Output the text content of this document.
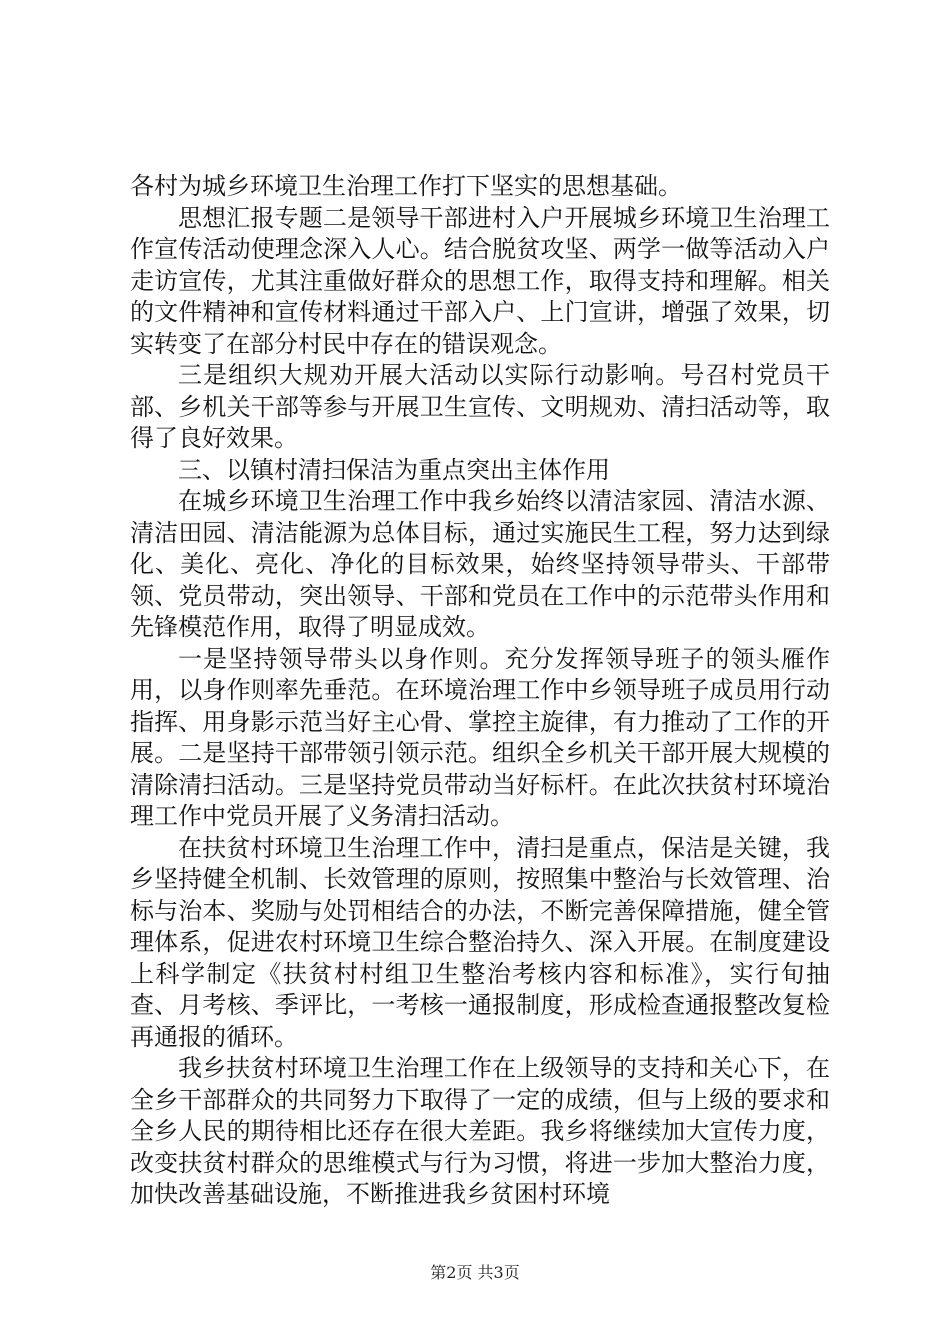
各村为城乡环境卫生治理工作打下坚实的思想基础。

思想汇报专题二是领导干部进村入户开展城乡环境卫生治理工作宣传活动使理念深入人心。结合脱贫攻坚、两学一做等活动入户走访宣传，尤其注重做好群众的思想工作，取得支持和理解。相关的文件精神和宣传材料通过干部入户、上门宣讲，增强了效果，切实转变了在部分村民中存在的错误观念。

三是组织大规劝开展大活动以实际行动影响。号召村党员干部、乡机关干部等参与开展卫生宣传、文明规劝、清扫活动等，取得了良好效果。

三、以镇村清扫保洁为重点突出主体作用

在城乡环境卫生治理工作中我乡始终以清洁家园、清洁水源、清洁田园、清洁能源为总体目标，通过实施民生工程，努力达到绿化、美化、亮化、净化的目标效果，始终坚持领导带头、干部带领、党员带动，突出领导、干部和党员在工作中的示范带头作用和先锋模范作用，取得了明显成效。

一是坚持领导带头以身作则。充分发挥领导班子的领头雁作用，以身作则率先垂范。在环境治理工作中乡领导班子成员用行动指挥、用身影示范当好主心骨、掌控主旋律，有力推动了工作的开展。二是坚持干部带领引领示范。组织全乡机关干部开展大规模的清除清扫活动。三是坚持党员带动当好标杆。在此次扶贫村环境治理工作中党员开展了义务清扫活动。

在扶贫村环境卫生治理工作中，清扫是重点，保洁是关键，我乡坚持健全机制、长效管理的原则，按照集中整治与长效管理、治标与治本、奖励与处罚相结合的办法，不断完善保障措施，健全管理体系，促进农村环境卫生综合整治持久、深入开展。在制度建设上科学制定《扶贫村村组卫生整治考核内容和标准》，实行旬抽查、月考核、季评比，一考核一通报制度，形成检查通报整改复检再通报的循环。

我乡扶贫村环境卫生治理工作在上级领导的支持和关心下，在全乡干部群众的共同努力下取得了一定的成绩，但与上级的要求和全乡人民的期待相比还存在很大差距。我乡将继续加大宣传力度，改变扶贫村群众的思维模式与行为习惯，将进一步加大整治力度，加快改善基础设施，不断推进我乡贫困村环境

第2页 共3页
